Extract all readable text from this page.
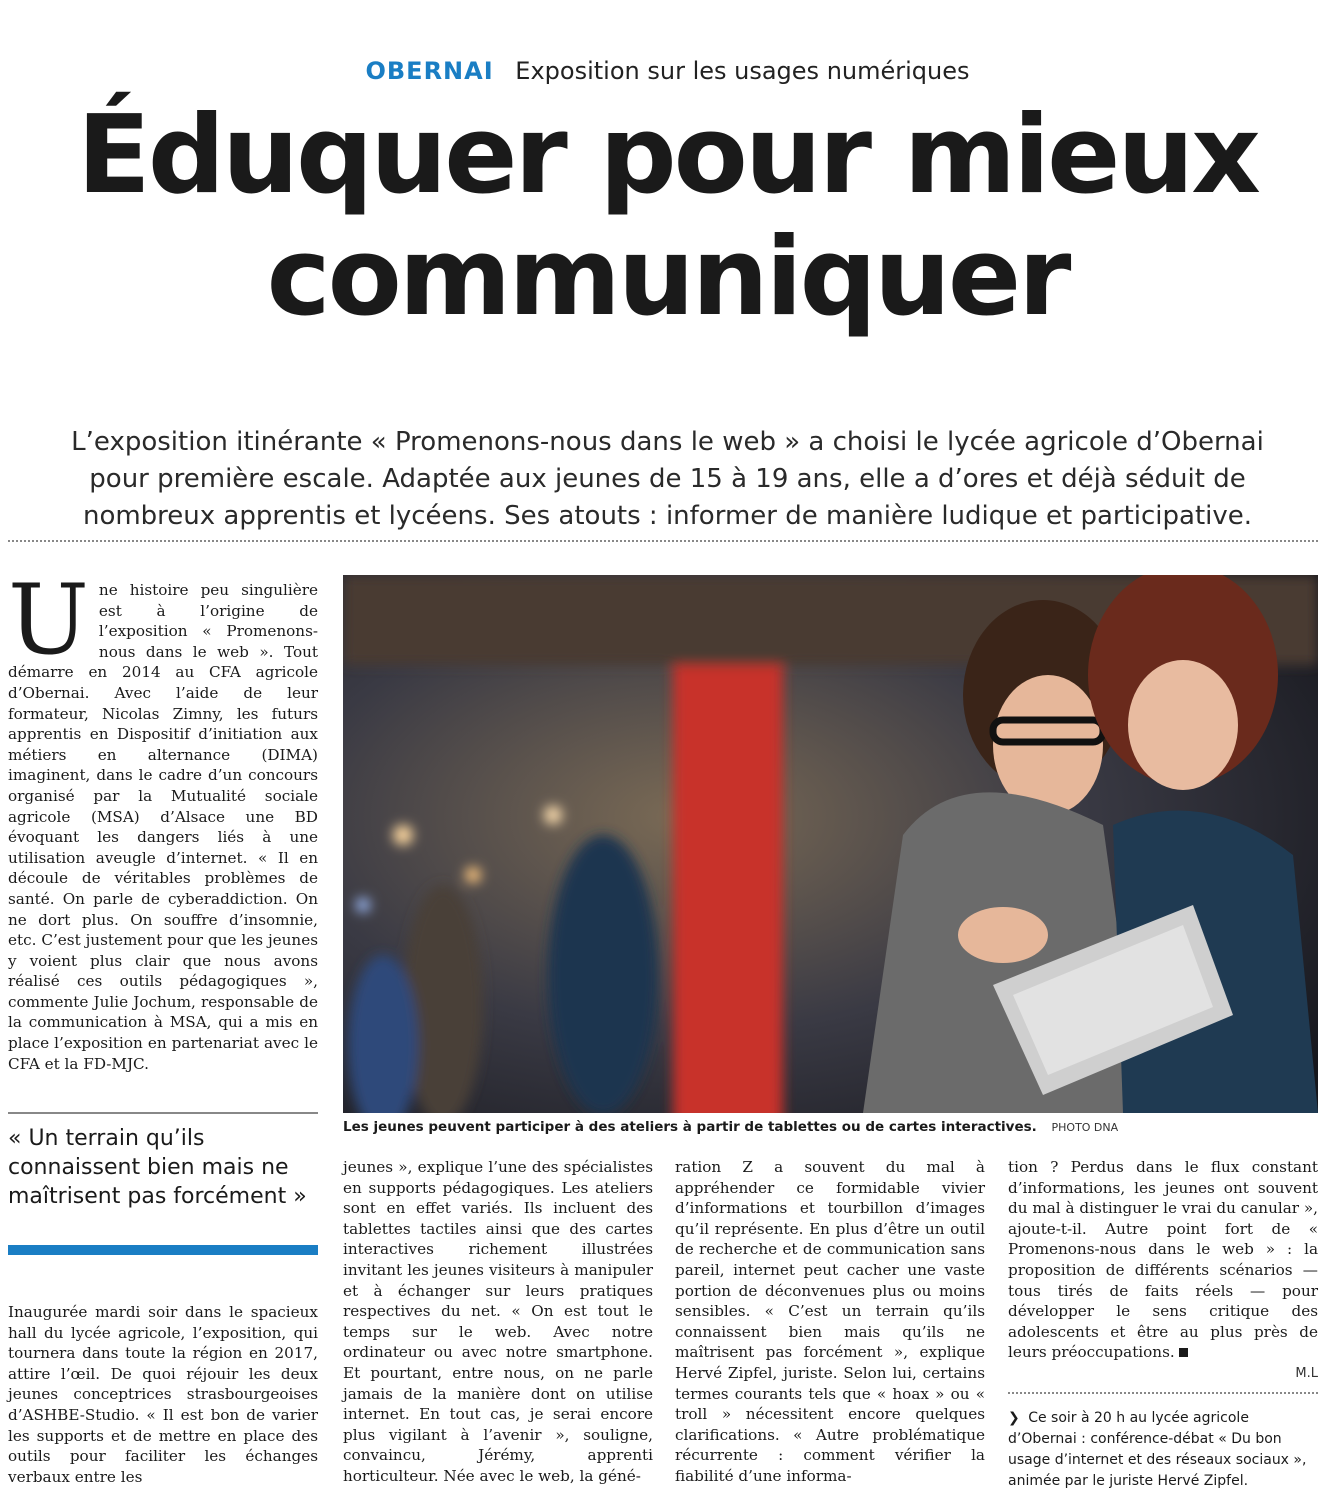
OBERNAI Exposition sur les usages numériques
Éduquer pour mieux
communiquer
L’exposition itinérante « Promenons-nous dans le web » a choisi le lycée agricole d’Obernai pour première escale. Adaptée aux jeunes de 15 à 19 ans, elle a d’ores et déjà séduit de nombreux apprentis et lycéens. Ses atouts : informer de manière ludique et participative.
U ne histoire peu singulière est à l’origine de l’exposition « Promenons-nous dans le web ». Tout démarre en 2014 au CFA agricole d’Obernai. Avec l’aide de leur formateur, Nicolas Zimny, les futurs apprentis en Dispositif d’initiation aux métiers en alternance (DIMA) imaginent, dans le cadre d’un concours organisé par la Mutualité sociale agricole (MSA) d’Alsace une BD évoquant les dangers liés à une utilisation aveugle d’internet. « Il en découle de véritables problèmes de santé. On parle de cyberaddiction. On ne dort plus. On souffre d’insomnie, etc. C’est justement pour que les jeunes y voient plus clair que nous avons réalisé ces outils pédagogiques », commente Julie Jochum, responsable de la communication à MSA, qui a mis en place l’exposition en partenariat avec le CFA et la FD-MJC.
Les jeunes peuvent participer à des ateliers à partir de tablettes ou de cartes interactives. PHOTO DNA
« Un terrain qu’ils connaissent bien mais ne maîtrisent pas forcément »
Inaugurée mardi soir dans le spacieux hall du lycée agricole, l’exposition, qui tournera dans toute la région en 2017, attire l’œil. De quoi réjouir les deux jeunes conceptrices strasbourgeoises d’ASHBE-Studio. « Il est bon de varier les supports et de mettre en place des outils pour faciliter les échanges verbaux entre les
jeunes », explique l’une des spécialistes en supports pédagogiques. Les ateliers sont en effet variés. Ils incluent des tablettes tactiles ainsi que des cartes interactives richement illustrées invitant les jeunes visiteurs à manipuler et à échanger sur leurs pratiques respectives du net. « On est tout le temps sur le web. Avec notre ordinateur ou avec notre smartphone. Et pourtant, entre nous, on ne parle jamais de la manière dont on utilise internet. En tout cas, je serai encore plus vigilant à l’avenir », souligne, convaincu, Jérémy, apprenti horticulteur. Née avec le web, la géné-
ration Z a souvent du mal à appréhender ce formidable vivier d’informations et tourbillon d’images qu’il représente. En plus d’être un outil de recherche et de communication sans pareil, internet peut cacher une vaste portion de déconvenues plus ou moins sensibles. « C’est un terrain qu’ils connaissent bien mais qu’ils ne maîtrisent pas forcément », explique Hervé Zipfel, juriste. Selon lui, certains termes courants tels que « hoax » ou « troll » nécessitent encore quelques clarifications. « Autre problématique récurrente : comment vérifier la fiabilité d’une informa-
tion ? Perdus dans le flux constant d’informations, les jeunes ont souvent du mal à distinguer le vrai du canular », ajoute-t-il. Autre point fort de « Promenons-nous dans le web » : la proposition de différents scénarios — tous tirés de faits réels — pour développer le sens critique des adolescents et être au plus près de leurs préoccupations.
M.L
❯ Ce soir à 20 h au lycée agricole d’Obernai : conférence-débat « Du bon usage d’internet et des réseaux sociaux », animée par le juriste Hervé Zipfel.
